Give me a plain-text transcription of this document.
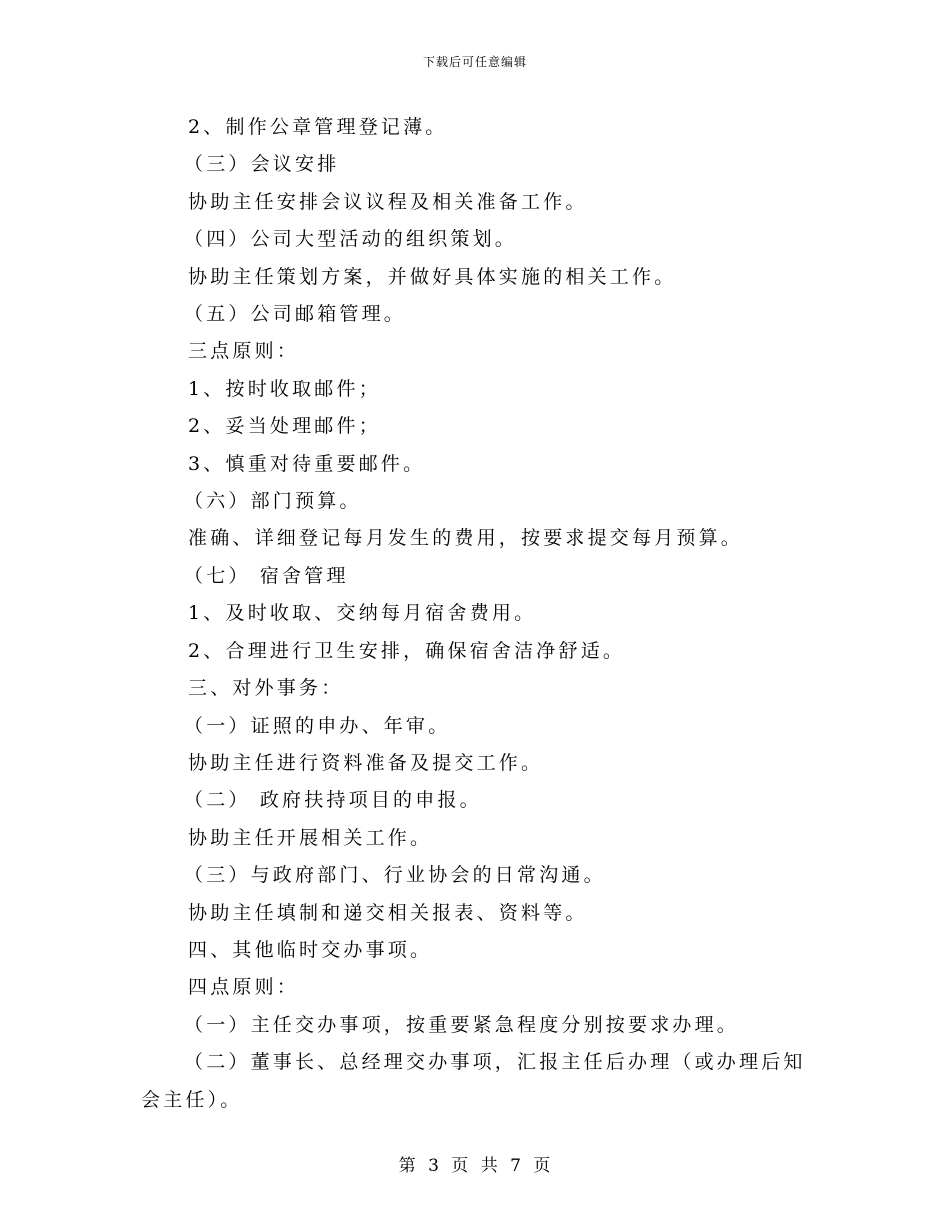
下载后可任意编辑
2、制作公章管理登记薄。
（三）会议安排
协助主任安排会议议程及相关准备工作。
（四）公司大型活动的组织策划。
协助主任策划方案，并做好具体实施的相关工作。
（五）公司邮箱管理。
三点原则：
1、按时收取邮件；
2、妥当处理邮件；
3、慎重对待重要邮件。
（六）部门预算。
准确、详细登记每月发生的费用，按要求提交每月预算。
（七） 宿舍管理
1、及时收取、交纳每月宿舍费用。
2、合理进行卫生安排，确保宿舍洁净舒适。
三、对外事务：
（一）证照的申办、年审。
协助主任进行资料准备及提交工作。
（二） 政府扶持项目的申报。
协助主任开展相关工作。
（三）与政府部门、行业协会的日常沟通。
协助主任填制和递交相关报表、资料等。
四、其他临时交办事项。
四点原则：
（一）主任交办事项，按重要紧急程度分别按要求办理。
（二）董事长、总经理交办事项，汇报主任后办理（或办理后知会主任）。
第 3 页 共 7 页
